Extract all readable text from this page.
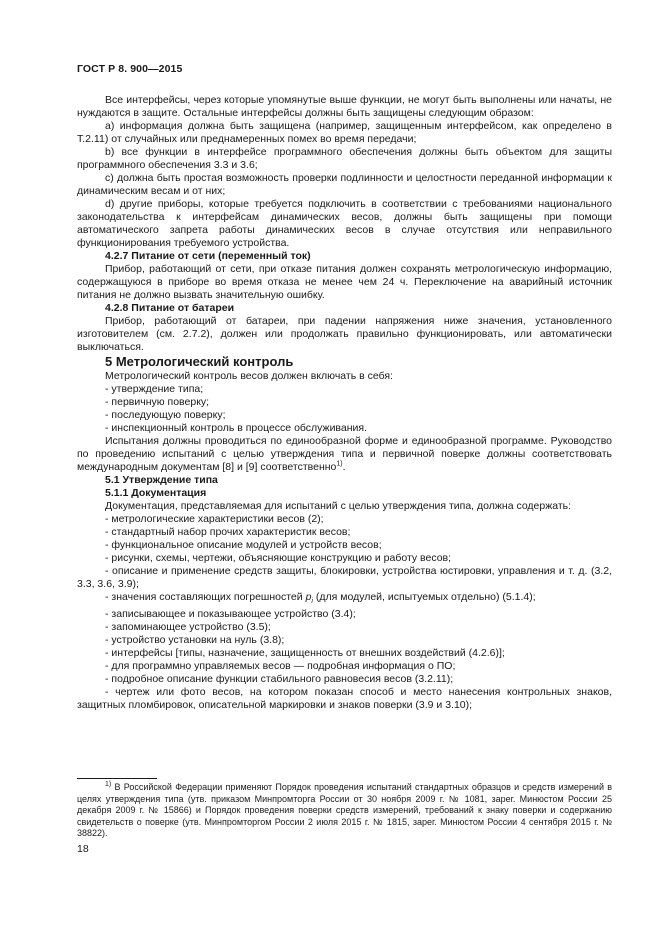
ГОСТ Р 8. 900—2015

Все интерфейсы, через которые упомянутые выше функции, не могут быть выполнены или начаты, не нуждаются в защите. Остальные интерфейсы должны быть защищены следующим образом:

а) информация должна быть защищена (например, защищенным интерфейсом, как определено в Т.2.11) от случайных или преднамеренных помех во время передачи;

b) все функции в интерфейсе программного обеспечения должны быть объектом для защиты программного обеспечения 3.3 и 3.6;

с) должна быть простая возможность проверки подлинности и целостности переданной информации к динамическим весам и от них;

d) другие приборы, которые требуется подключить в соответствии с требованиями национального законодательства к интерфейсам динамических весов, должны быть защищены при помощи автоматического запрета работы динамических весов в случае отсутствия или неправильного функционирования требуемого устройства.

4.2.7 Питание от сети (переменный ток)

Прибор, работающий от сети, при отказе питания должен сохранять метрологическую информацию, содержащуюся в приборе во время отказа не менее чем 24 ч. Переключение на аварийный источник питания не должно вызвать значительную ошибку.

4.2.8 Питание от батареи

Прибор, работающий от батареи, при падении напряжения ниже значения, установленного изготовителем (см. 2.7.2), должен или продолжать правильно функционировать, или автоматически выключаться.

5 Метрологический контроль

Метрологический контроль весов должен включать в себя:

- утверждение типа;

- первичную поверку;

- последующую поверку;

- инспекционный контроль в процессе обслуживания.

Испытания должны проводиться по единообразной форме и единообразной программе. Руководство по проведению испытаний с целью утверждения типа и первичной поверке должны соответствовать международным документам [8] и [9] соответственно$^{1)}$.

5.1 Утверждение типа

5.1.1 Документация

Документация, представляемая для испытаний с целью утверждения типа, должна содержать:

- метрологические характеристики весов (2);

- стандартный набор прочих характеристик весов;

- функциональное описание модулей и устройств весов;

- рисунки, схемы, чертежи, объясняющие конструкцию и работу весов;

- описание и применение средств защиты, блокировки, устройства юстировки, управления и т. д. (3.2, 3.3, 3.6, 3.9);

- значения составляющих погрешностей $p_i$ (для модулей, испытуемых отдельно) (5.1.4);

- записывающее и показывающее устройство (3.4);

- запоминающее устройство (3.5);

- устройство установки на нуль (3.8);

- интерфейсы [типы, назначение, защищенность от внешних воздействий (4.2.6)];

- для программно управляемых весов — подробная информация о ПО;

- подробное описание функции стабильного равновесия весов (3.2.11);

- чертеж или фото весов, на котором показан способ и место нанесения контрольных знаков, защитных пломбировок, описательной маркировки и знаков поверки (3.9 и 3.10);

$^{1)}$ В Российской Федерации применяют Порядок проведения испытаний стандартных образцов и средств измерений в целях утверждения типа (утв. приказом Минпромторга России от 30 ноября 2009 г. № 1081, зарег. Минюстом России 25 декабря 2009 г. № 15866) и Порядок проведения поверки средств измерений, требований к знаку поверки и содержанию свидетельств о поверке (утв. Минпромторгом России 2 июля 2015 г. № 1815, зарег. Минюстом России 4 сентября 2015 г. № 38822).

18
